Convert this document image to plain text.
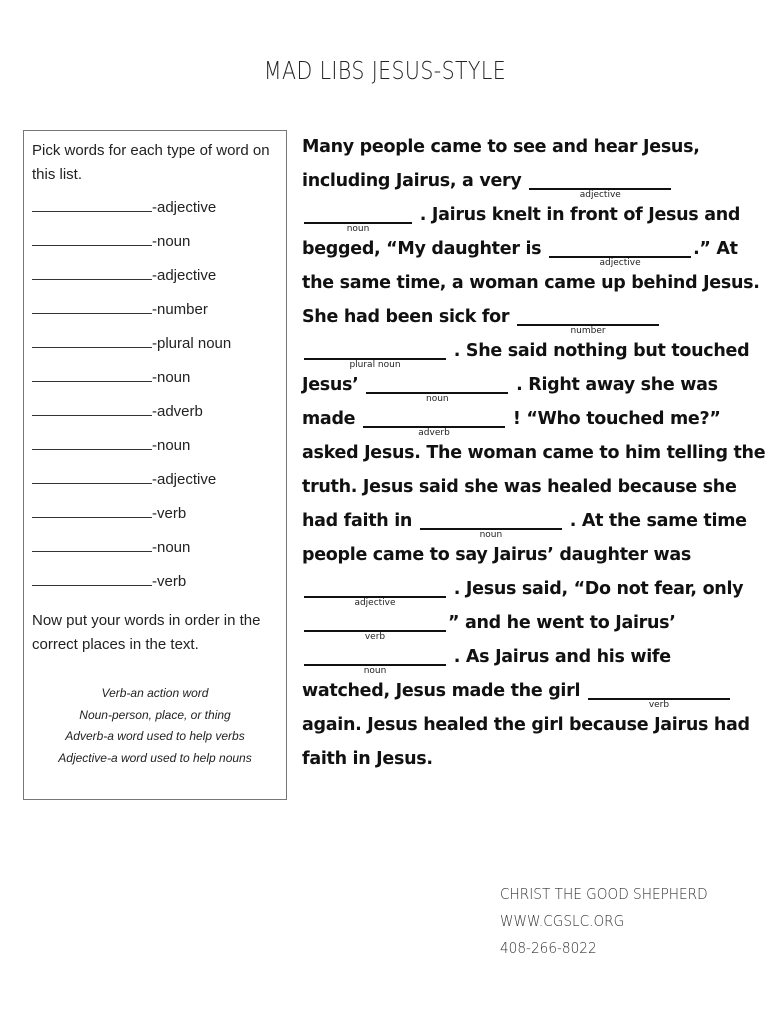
MAD LIBS JESUS-STYLE
Pick words for each type of word on this list.
-adjective
-noun
-adjective
-number
-plural noun
-noun
-adverb
-noun
-adjective
-verb
-noun
-verb
Now put your words in order in the correct places in the text.
Verb-an action word
Noun-person, place, or thing
Adverb-a word used to help verbs
Adjective-a word used to help nouns
Many people came to see and hear Jesus,
including Jairus, a very
adjective
noun
. Jairus knelt in front of Jesus and
begged, “My daughter is
adjective
.” At
the same time, a woman came up behind Jesus.
She had been sick for
number
plural noun
. She said nothing but touched
Jesus’
noun
. Right away she was
made
adverb
! “Who touched me?”
asked Jesus. The woman came to him telling the
truth. Jesus said she was healed because she
had faith in
noun
. At the same time
people came to say Jairus’ daughter was
adjective
. Jesus said, “Do not fear, only
verb
” and he went to Jairus’
noun
. As Jairus and his wife
watched, Jesus made the girl
verb
again. Jesus healed the girl because Jairus had
faith in Jesus.
CHRIST THE GOOD SHEPHERD
WWW.CGSLC.ORG
408-266-8022
